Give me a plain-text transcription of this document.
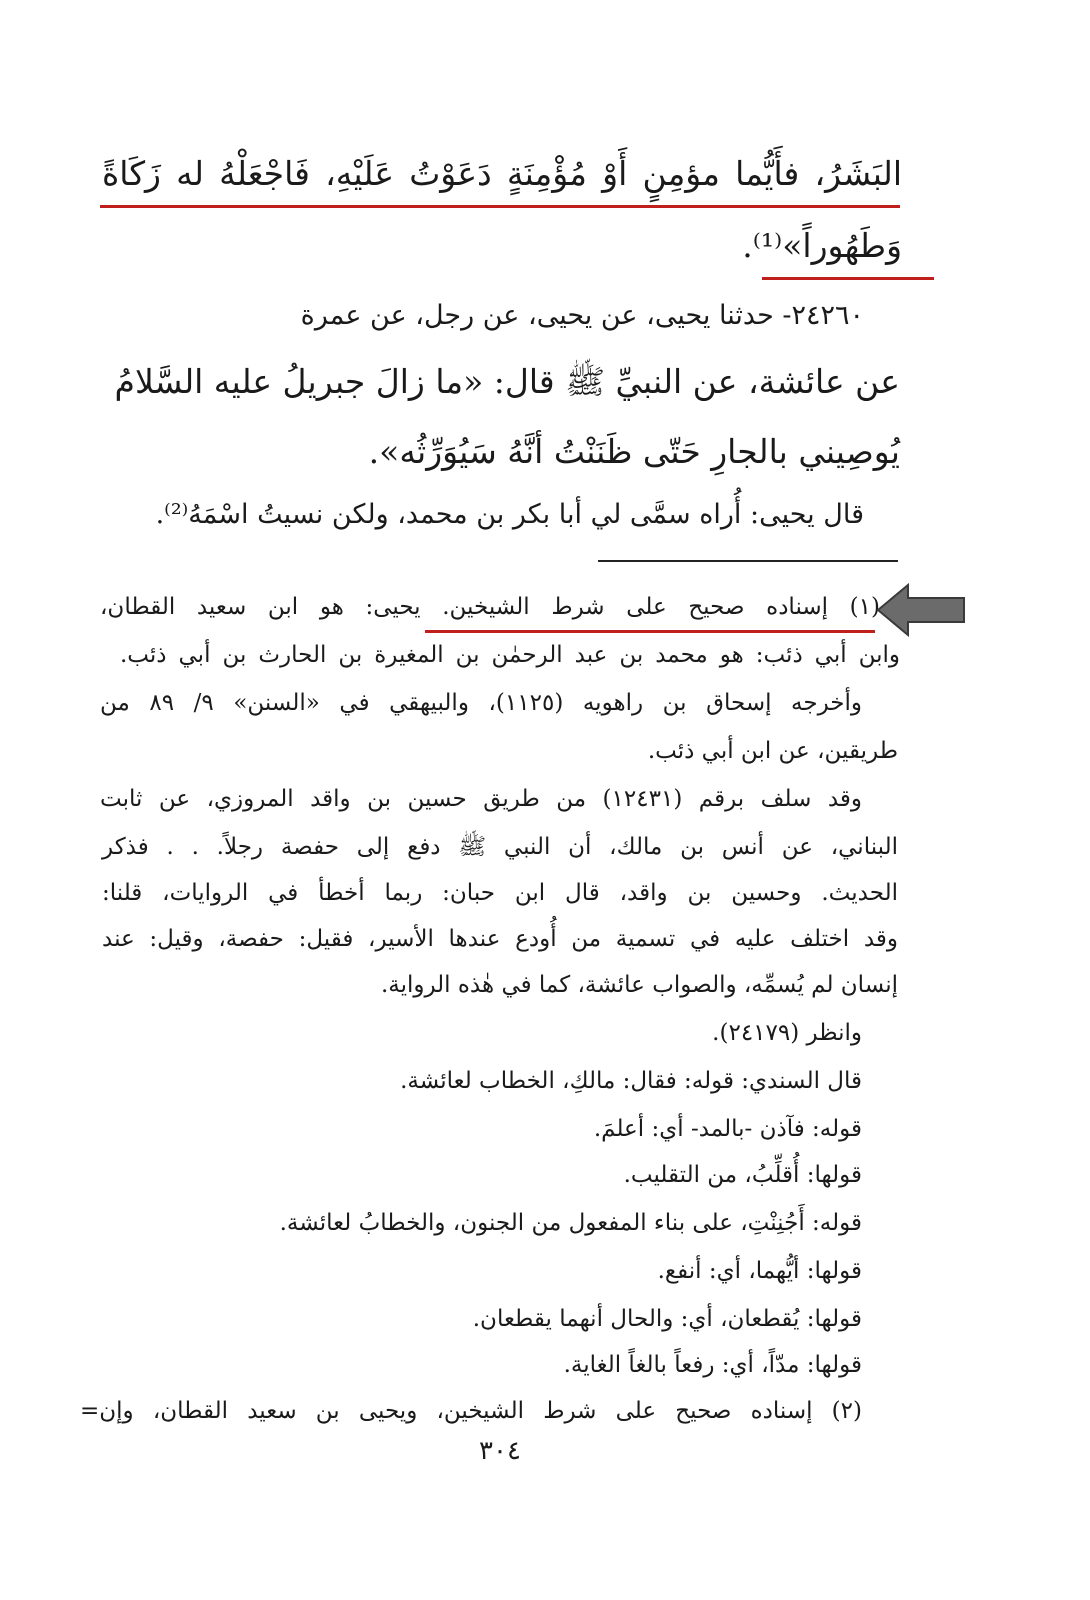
البَشَرُ، فأَيُّما مؤمِنٍ أَوْ مُؤْمِنَةٍ دَعَوْتُ عَلَيْهِ، فَاجْعَلْهُ له زَكَاةً
وَطَهُوراً»⁽¹⁾.
٢٤٢٦٠- حدثنا يحيى، عن يحيى، عن رجل، عن عمرة
عن عائشة، عن النبيِّ ﷺ قال: «ما زالَ جبريلُ عليه السَّلامُ
يُوصِيني بالجارِ حَتّى ظَنَنْتُ أنَّهُ سَيُوَرِّثُه».
قال يحيى: أُراه سمَّى لي أبا بكر بن محمد، ولكن نسيتُ اسْمَهُ⁽²⁾.
(١) إسناده صحيح على شرط الشيخين. يحيى: هو ابن سعيد القطان،
وابن أبي ذئب: هو محمد بن عبد الرحمٰن بن المغيرة بن الحارث بن أبي ذئب.
وأخرجه إسحاق بن راهويه (١١٢٥)، والبيهقي في «السنن» ٩/ ٨٩ من
طريقين، عن ابن أبي ذئب.
وقد سلف برقم (١٢٤٣١) من طريق حسين بن واقد المروزي، عن ثابت
البناني، عن أنس بن مالك، أن النبي ﷺ دفع إلى حفصة رجلاً. . . فذكر
الحديث. وحسين بن واقد، قال ابن حبان: ربما أخطأ في الروايات، قلنا:
وقد اختلف عليه في تسمية من أُودع عندها الأسير، فقيل: حفصة، وقيل: عند
إنسان لم يُسمِّه، والصواب عائشة، كما في هٰذه الرواية.
وانظر (٢٤١٧٩).
قال السندي: قوله: فقال: مالكِ، الخطاب لعائشة.
قوله: فآذن -بالمد- أي: أعلمَ.
قولها: أُقلِّبُ، من التقليب.
قوله: أَجُنِنْتِ، على بناء المفعول من الجنون، والخطابُ لعائشة.
قولها: أيُّهما، أي: أنفع.
قولها: يُقطعان، أي: والحال أنهما يقطعان.
قولها: مدّاً، أي: رفعاً بالغاً الغاية.
(٢) إسناده صحيح على شرط الشيخين، ويحيى بن سعيد القطان، وإن=
٣٠٤
